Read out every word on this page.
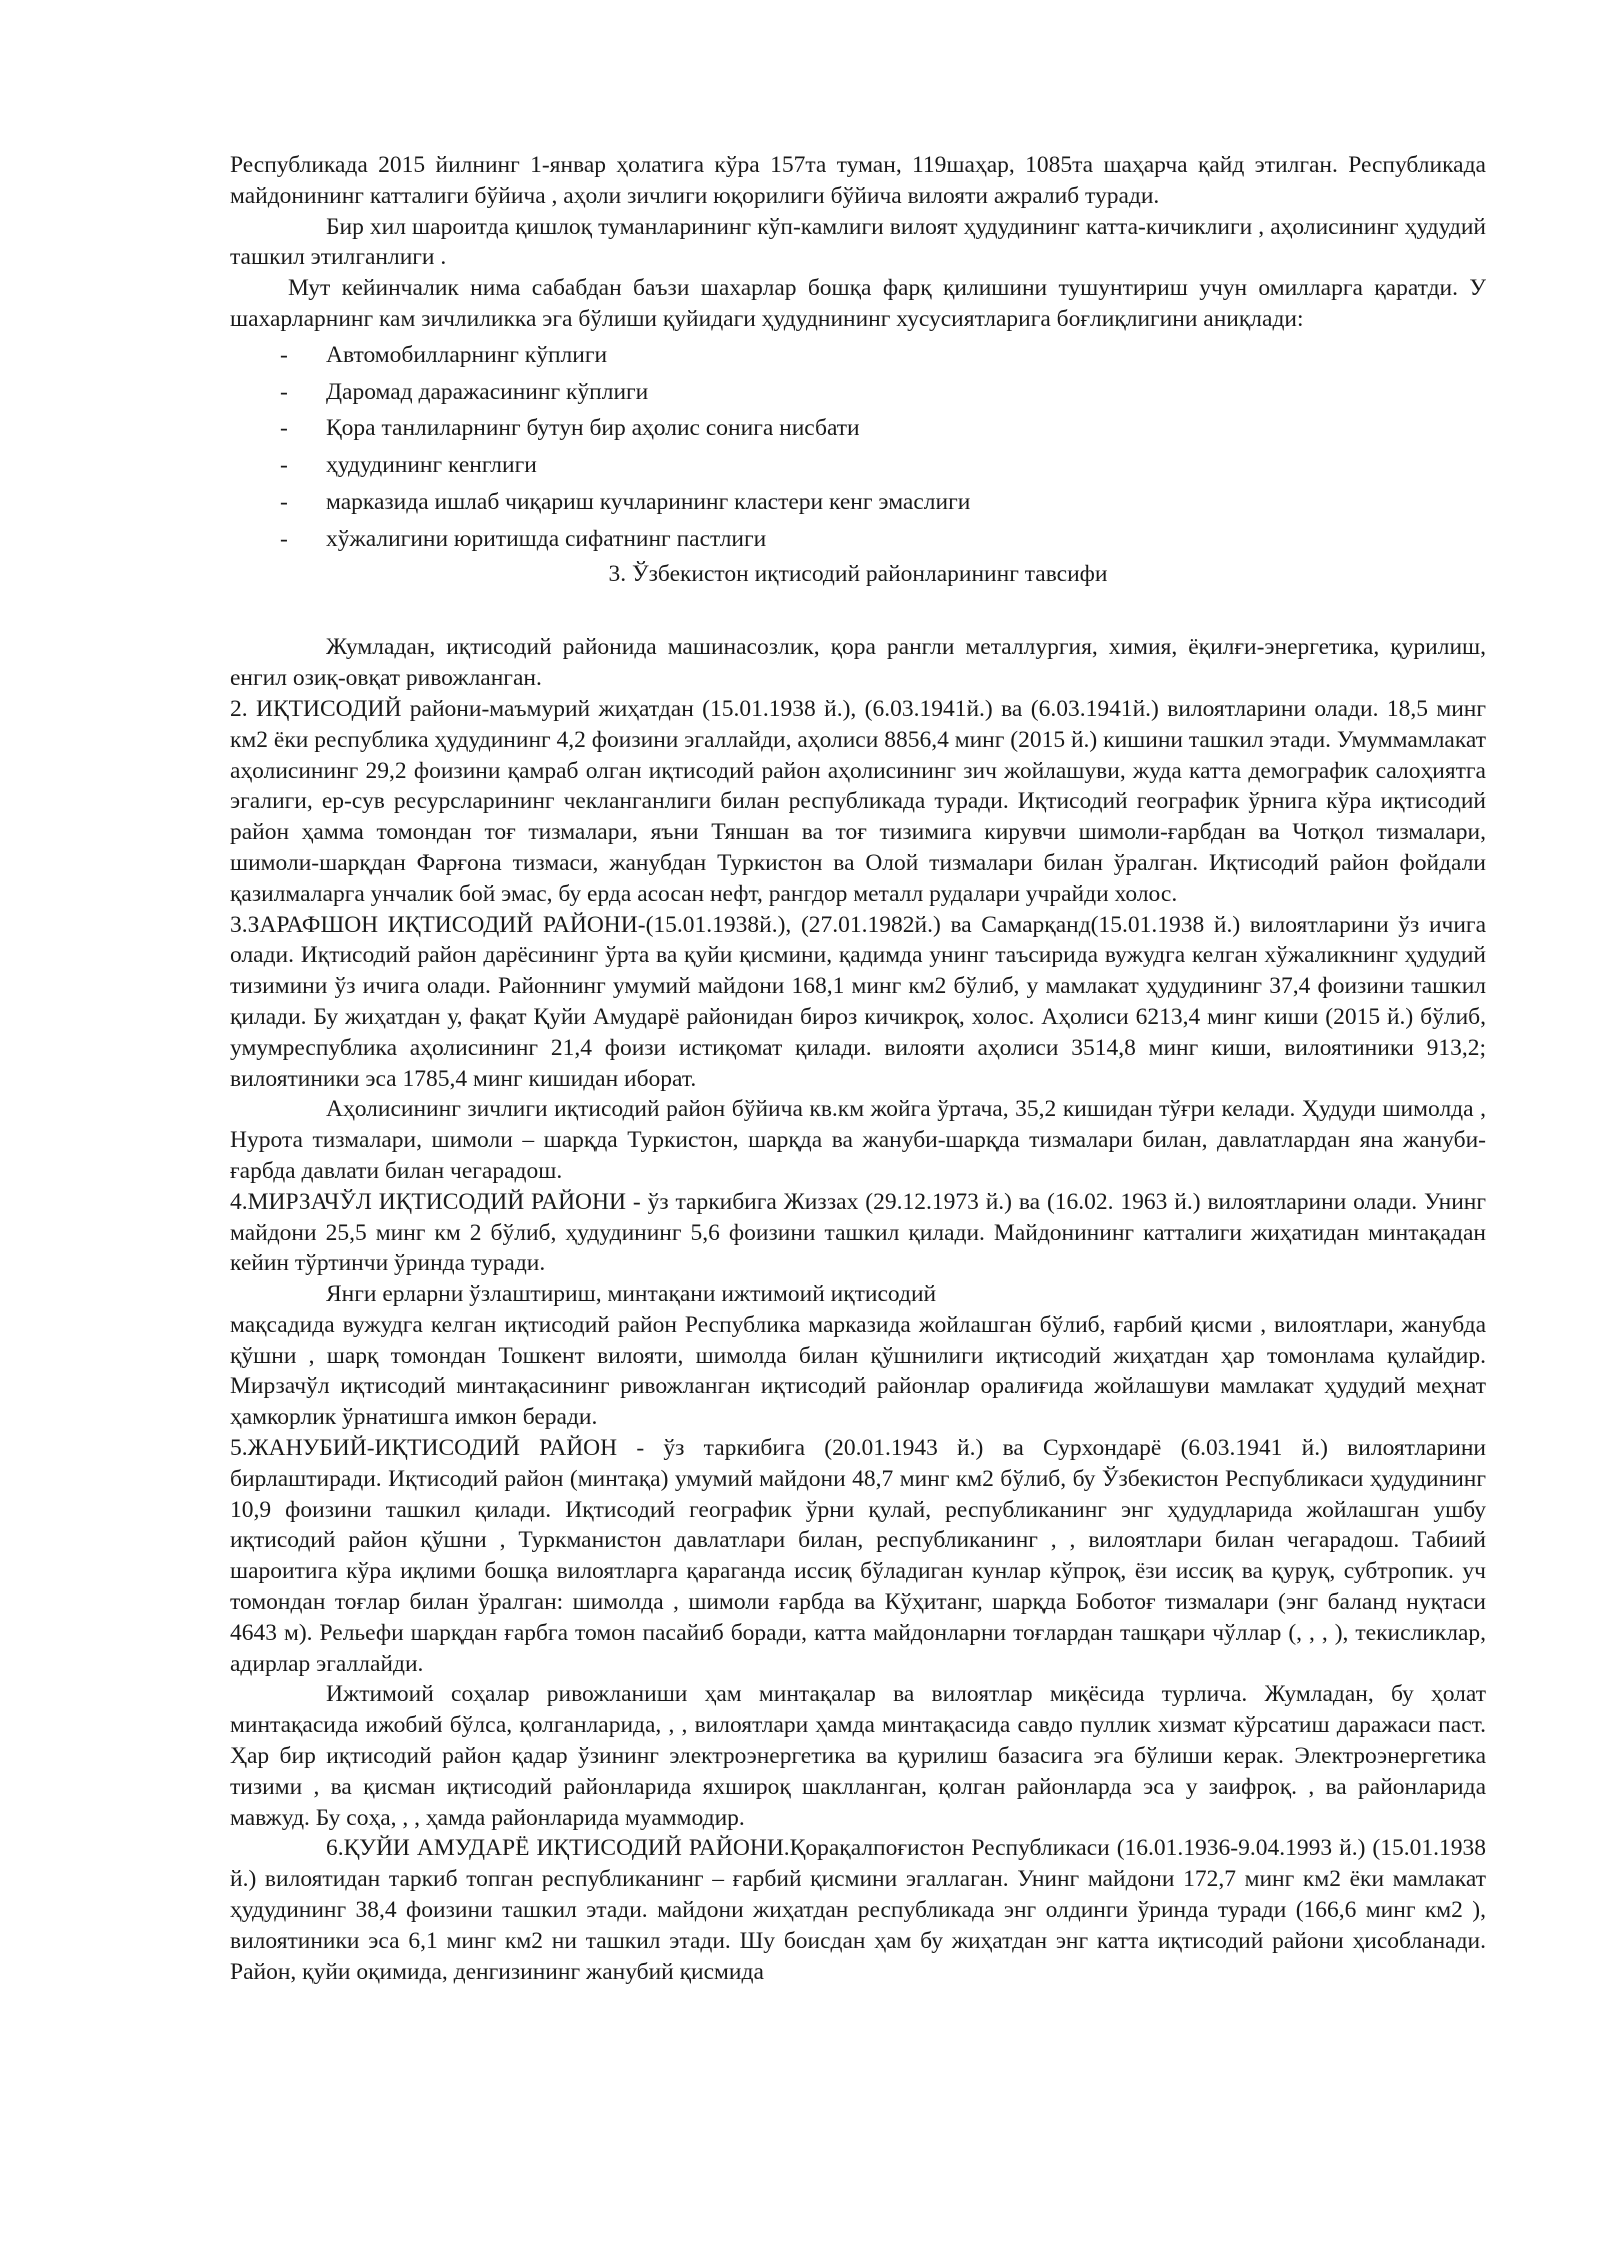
Республикада 2015 йилнинг 1-январ ҳолатига кўра 157та туман, 119шаҳар, 1085та шаҳарча қайд этилган. Республикада майдонининг катталиги бўйича , аҳоли зичлиги юқорилиги бўйича вилояти ажралиб туради.

Бир хил шароитда қишлоқ туманларининг кўп-камлиги вилоят ҳудудининг катта-кичиклиги , аҳолисининг ҳудудий ташкил этилганлиги .

Мут кейинчалик нима сабабдан баъзи шахарлар бошқа фарқ қилишини тушунтириш учун омилларга қаратди. У шахарларнинг кам зичлиликка эга бўлиши қуйидаги ҳудуднининг хусусиятларига боғлиқлигини аниқлади:

- Автомобилларнинг кўплиги
- Даромад даражасининг кўплиги
- Қора танлиларнинг бутун бир аҳолис сонига нисбати
- ҳудудининг кенглиги
- марказида ишлаб чиқариш кучларининг кластери кенг эмаслиги
- хўжалигини юритишда сифатнинг пастлиги

3. Ўзбекистон иқтисодий районларининг тавсифи

Жумладан, иқтисодий районида машинасозлик, қора рангли металлургия, химия, ёқилғи-энергетика, қурилиш, енгил озиқ-овқат ривожланган.

2. ИҚТИСОДИЙ райони-маъмурий жиҳатдан (15.01.1938 й.), (6.03.1941й.) ва (6.03.1941й.) вилоятларини олади. 18,5 минг км2 ёки республика ҳудудининг 4,2 фоизини эгаллайди, аҳолиси 8856,4 минг (2015 й.) кишини ташкил этади. Умуммамлакат аҳолисининг 29,2 фоизини қамраб олган иқтисодий район аҳолисининг зич жойлашуви, жуда катта демографик салоҳиятга эгалиги, ер-сув ресурсларининг чекланганлиги билан республикада туради. Иқтисодий географик ўрнига кўра иқтисодий район ҳамма томондан тоғ тизмалари, яъни Тяншан ва тоғ тизимига кирувчи шимоли-ғарбдан ва Чотқол тизмалари, шимоли-шарқдан Фарғона тизмаси, жанубдан Туркистон ва Олой тизмалари билан ўралган. Иқтисодий район фойдали қазилмаларга унчалик бой эмас, бу ерда асосан нефт, рангдор металл рудалари учрайди холос.

3.ЗАРАФШОН ИҚТИСОДИЙ РАЙОНИ-(15.01.1938й.), (27.01.1982й.) ва Самарқанд(15.01.1938 й.) вилоятларини ўз ичига олади. Иқтисодий район дарёсининг ўрта ва қуйи қисмини, қадимда унинг таъсирида вужудга келган хўжаликнинг ҳудудий тизимини ўз ичига олади. Районнинг умумий майдони 168,1 минг км2 бўлиб, у мамлакат ҳудудининг 37,4 фоизини ташкил қилади. Бу жиҳатдан у, фақат Қуйи Амударё районидан бироз кичикроқ, холос. Аҳолиси 6213,4 минг киши (2015 й.) бўлиб, умумреспублика аҳолисининг 21,4 фоизи истиқомат қилади. вилояти аҳолиси 3514,8 минг киши, вилоятиники 913,2; вилоятиники эса 1785,4 минг кишидан иборат.

Аҳолисининг зичлиги иқтисодий район бўйича кв.км жойга ўртача, 35,2 кишидан тўғри келади. Ҳудуди шимолда , Нурота тизмалари, шимоли – шарқда Туркистон, шарқда ва жануби-шарқда тизмалари билан, давлатлардан яна жануби-ғарбда давлати билан чегарадош.

4.МИРЗАЧЎЛ ИҚТИСОДИЙ РАЙОНИ - ўз таркибига Жиззах (29.12.1973 й.) ва (16.02. 1963 й.) вилоятларини олади. Унинг майдони 25,5 минг км 2 бўлиб, ҳудудининг 5,6 фоизини ташкил қилади. Майдонининг катталиги жиҳатидан минтақадан кейин тўртинчи ўринда туради.

Янги ерларни ўзлаштириш, минтақани ижтимоий иқтисодий

мақсадида вужудга келган иқтисодий район Республика марказида жойлашган бўлиб, ғарбий қисми , вилоятлари, жанубда қўшни , шарқ томондан Тошкент вилояти, шимолда билан қўшнилиги иқтисодий жиҳатдан ҳар томонлама қулайдир. Мирзачўл иқтисодий минтақасининг ривожланган иқтисодий районлар оралиғида жойлашуви мамлакат ҳудудий меҳнат ҳамкорлик ўрнатишга имкон беради.

5.ЖАНУБИЙ-ИҚТИСОДИЙ РАЙОН - ўз таркибига (20.01.1943 й.) ва Сурхондарё (6.03.1941 й.) вилоятларини бирлаштиради. Иқтисодий район (минтақа) умумий майдони 48,7 минг км2 бўлиб, бу Ўзбекистон Республикаси ҳудудининг 10,9 фоизини ташкил қилади. Иқтисодий географик ўрни қулай, республиканинг энг ҳудудларида жойлашган ушбу иқтисодий район қўшни , Туркманистон давлатлари билан, республиканинг , , вилоятлари билан чегарадош. Табиий шароитига кўра иқлими бошқа вилоятларга қараганда иссиқ бўладиган кунлар кўпроқ, ёзи иссиқ ва қуруқ, субтропик. уч томондан тоғлар билан ўралган: шимолда , шимоли ғарбда ва Кўҳитанг, шарқда Боботоғ тизмалари (энг баланд нуқтаси 4643 м). Рельефи шарқдан ғарбга томон пасайиб боради, катта майдонларни тоғлардан ташқари чўллар (, , , ), текисликлар, адирлар эгаллайди.

Ижтимоий соҳалар ривожланиши ҳам минтақалар ва вилоятлар миқёсида турлича. Жумладан, бу ҳолат минтақасида ижобий бўлса, қолганларида, , , вилоятлари ҳамда минтақасида савдо пуллик хизмат кўрсатиш даражаси паст. Ҳар бир иқтисодий район қадар ўзининг электроэнергетика ва қурилиш базасига эга бўлиши керак. Электроэнергетика тизими , ва қисман иқтисодий районларида яхшироқ шаклланган, қолган районларда эса у заифроқ. , ва районларида мавжуд. Бу соҳа, , , ҳамда районларида муаммодир.

6.ҚУЙИ АМУДАРЁ ИҚТИСОДИЙ РАЙОНИ.Қорақалпоғистон Республикаси (16.01.1936-9.04.1993 й.) (15.01.1938 й.) вилоятидан таркиб топган республиканинг – ғарбий қисмини эгаллаган. Унинг майдони 172,7 минг км2 ёки мамлакат ҳудудининг 38,4 фоизини ташкил этади. майдони жиҳатдан республикада энг олдинги ўринда туради (166,6 минг км2 ), вилоятиники эса 6,1 минг км2 ни ташкил этади. Шу боисдан ҳам бу жиҳатдан энг катта иқтисодий райони ҳисобланади. Район, қуйи оқимида, денгизининг жанубий қисмида
